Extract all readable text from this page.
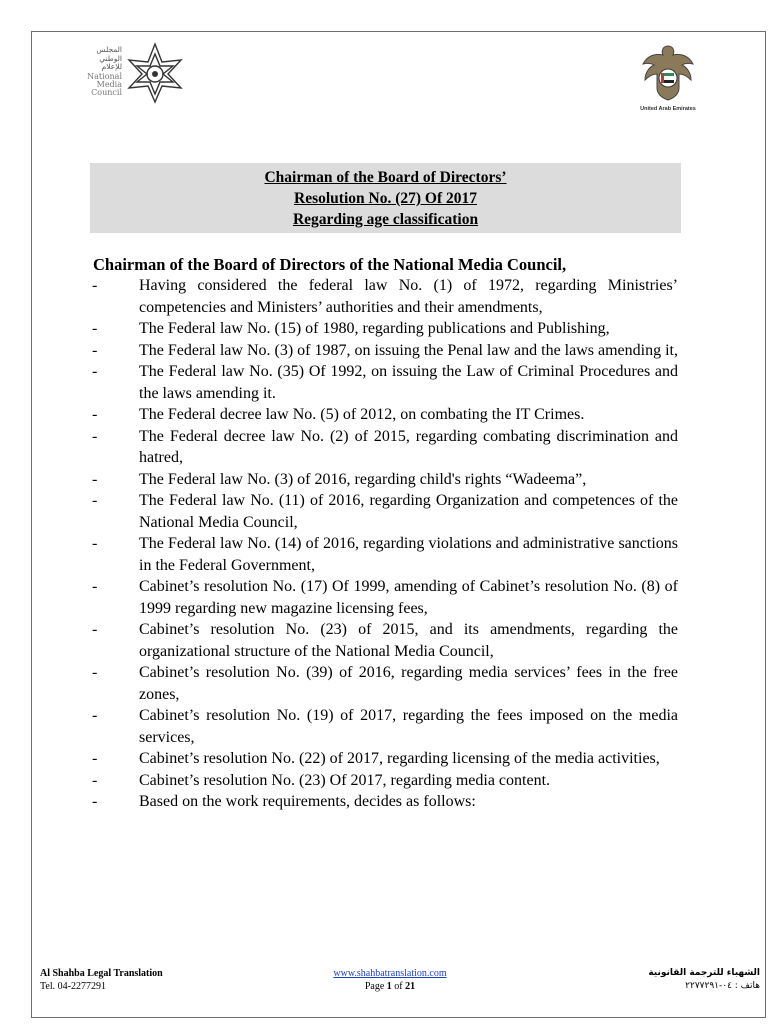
المجلس
الوطني
للإعلام
National
Media
Council
United Arab Emirates
Chairman of the Board of Directors’
Resolution No. (27) Of 2017
Regarding age classification
Chairman of the Board of Directors of the National Media Council,
-	Having considered the federal law No. (1) of 1972, regarding Ministries’ competencies and Ministers’ authorities and their amendments,
-	The Federal law No. (15) of 1980, regarding publications and Publishing,
-	The Federal law No. (3) of 1987, on issuing the Penal law and the laws amending it,
-	The Federal law No. (35) Of 1992, on issuing the Law of Criminal Procedures and the laws amending it.
-	The Federal decree law No. (5) of 2012, on combating the IT Crimes.
-	The Federal decree law No. (2) of 2015, regarding combating discrimination and hatred,
-	The Federal law No. (3) of 2016, regarding child's rights “Wadeema”,
-	The Federal law No. (11) of 2016, regarding Organization and competences of the National Media Council,
-	The Federal law No. (14) of 2016, regarding violations and administrative sanctions in the Federal Government,
-	Cabinet’s resolution No. (17) Of 1999, amending of Cabinet’s resolution No. (8) of 1999 regarding new magazine licensing fees,
-	Cabinet’s resolution No. (23) of 2015, and its amendments, regarding the organizational structure of the National Media Council,
-	Cabinet’s resolution No. (39) of 2016, regarding media services’ fees in the free zones,
-	Cabinet’s resolution No. (19) of 2017, regarding the fees imposed on the media services,
-	Cabinet’s resolution No. (22) of 2017, regarding licensing of the media activities,
-	Cabinet’s resolution No. (23) Of 2017, regarding media content.
-	Based on the work requirements, decides as follows:
Al Shahba Legal Translation
Tel. 04-2277291
www.shahbatranslation.com
Page 1 of 21
الشهباء للترجمة القانونية
هاتف : ٠٤-٢٢٧٧٢٩١
